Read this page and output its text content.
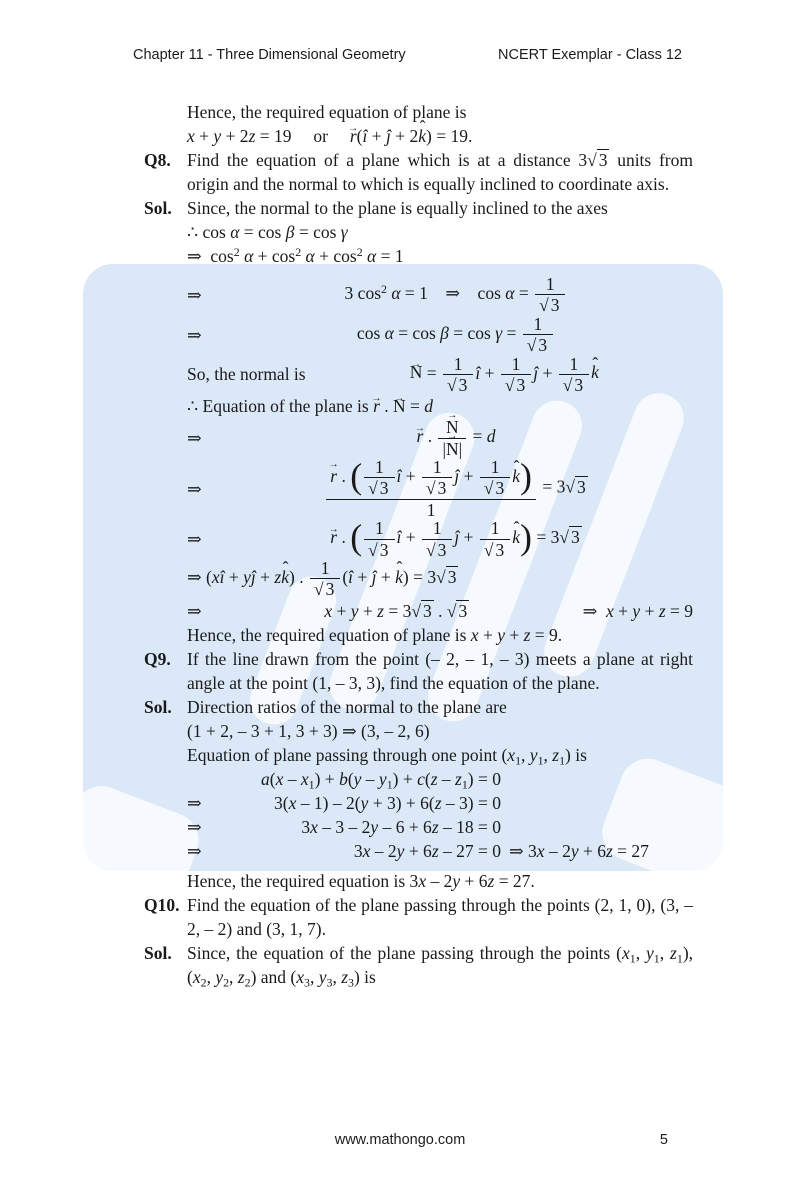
Chapter 11 - Three Dimensional Geometry	NCERT Exemplar - Class 12
Hence, the required equation of plane is
x + y + 2z = 19  or  → r(î + ĵ + 2ˆ k) = 19.
Q8. Find the equation of a plane which is at a distance 3√ 3 units from origin and the normal to which is equally inclined to coordinate axis.
Sol. Since, the normal to the plane is equally inclined to the axes
∴ cos α = cos β = cos γ
⇒ $\cos^2 \alpha + \cos^2 \alpha + \cos^2 \alpha = 1$
⇒	3 $\cos^2 \alpha = 1$ ⇒ $\cos \alpha = \frac{1}{√ 3}$
⇒	$\cos \alpha = \cos \beta = \cos \gamma = \frac{1}{√ 3}$
So, the normal is	→ $N = \frac{1}{√ 3}$ î + $\frac{1}{√ 3}$ ĵ + $\frac{1}{√ 3}$ ˆ k
∴ Equation of the plane is → r . → N = d
⇒	→ r . → $\frac{N}{|\to N|} = d$
⇒	→ $\frac{r . ( \frac{1}{√ 3} î + \frac{1}{√ 3} ĵ + \frac{1}{√ 3} ˆ k)}{1} = 3√$ 3
⇒	→ r . ( $\frac{1}{√ 3}$ î + $\frac{1}{√ 3}$ ĵ + $\frac{1}{√ 3}$ ˆ k) = 3√ 3
⇒ (xî + yĵ + zˆ k) . $\frac{1}{√ 3}$ (î + ĵ + ˆ k) = 3√ 3
⇒	x + y + z = 3√ 3 . √ 3	⇒ x + y + z = 9
Hence, the required equation of plane is x + y + z = 9.
Q9. If the line drawn from the point (– 2, – 1, – 3) meets a plane at right angle at the point (1, – 3, 3), find the equation of the plane.
Sol. Direction ratios of the normal to the plane are
(1 + 2, – 3 + 1, 3 + 3) ⇒ (3, – 2, 6)
Equation of plane passing through one point ($x_1$, $y_1$, $z_1$) is
$a(x - x_1) + b(y - y_1) + c(z - z_1) = 0$
⇒	3(x – 1) – 2(y + 3) + 6(z – 3) = 0
⇒	3x – 3 – 2y – 6 + 6z – 18 = 0
⇒	3x – 2y + 6z – 27 = 0 ⇒ 3x – 2y + 6z = 27
Hence, the required equation is 3x – 2y + 6z = 27.
Q10. Find the equation of the plane passing through the points (2, 1, 0), (3, – 2, – 2) and (3, 1, 7).
Sol. Since, the equation of the plane passing through the points ($x_1$, $y_1$, $z_1$), ($x_2$, $y_2$, $z_2$) and ($x_3$, $y_3$, $z_3$) is
www.mathongo.com	5
